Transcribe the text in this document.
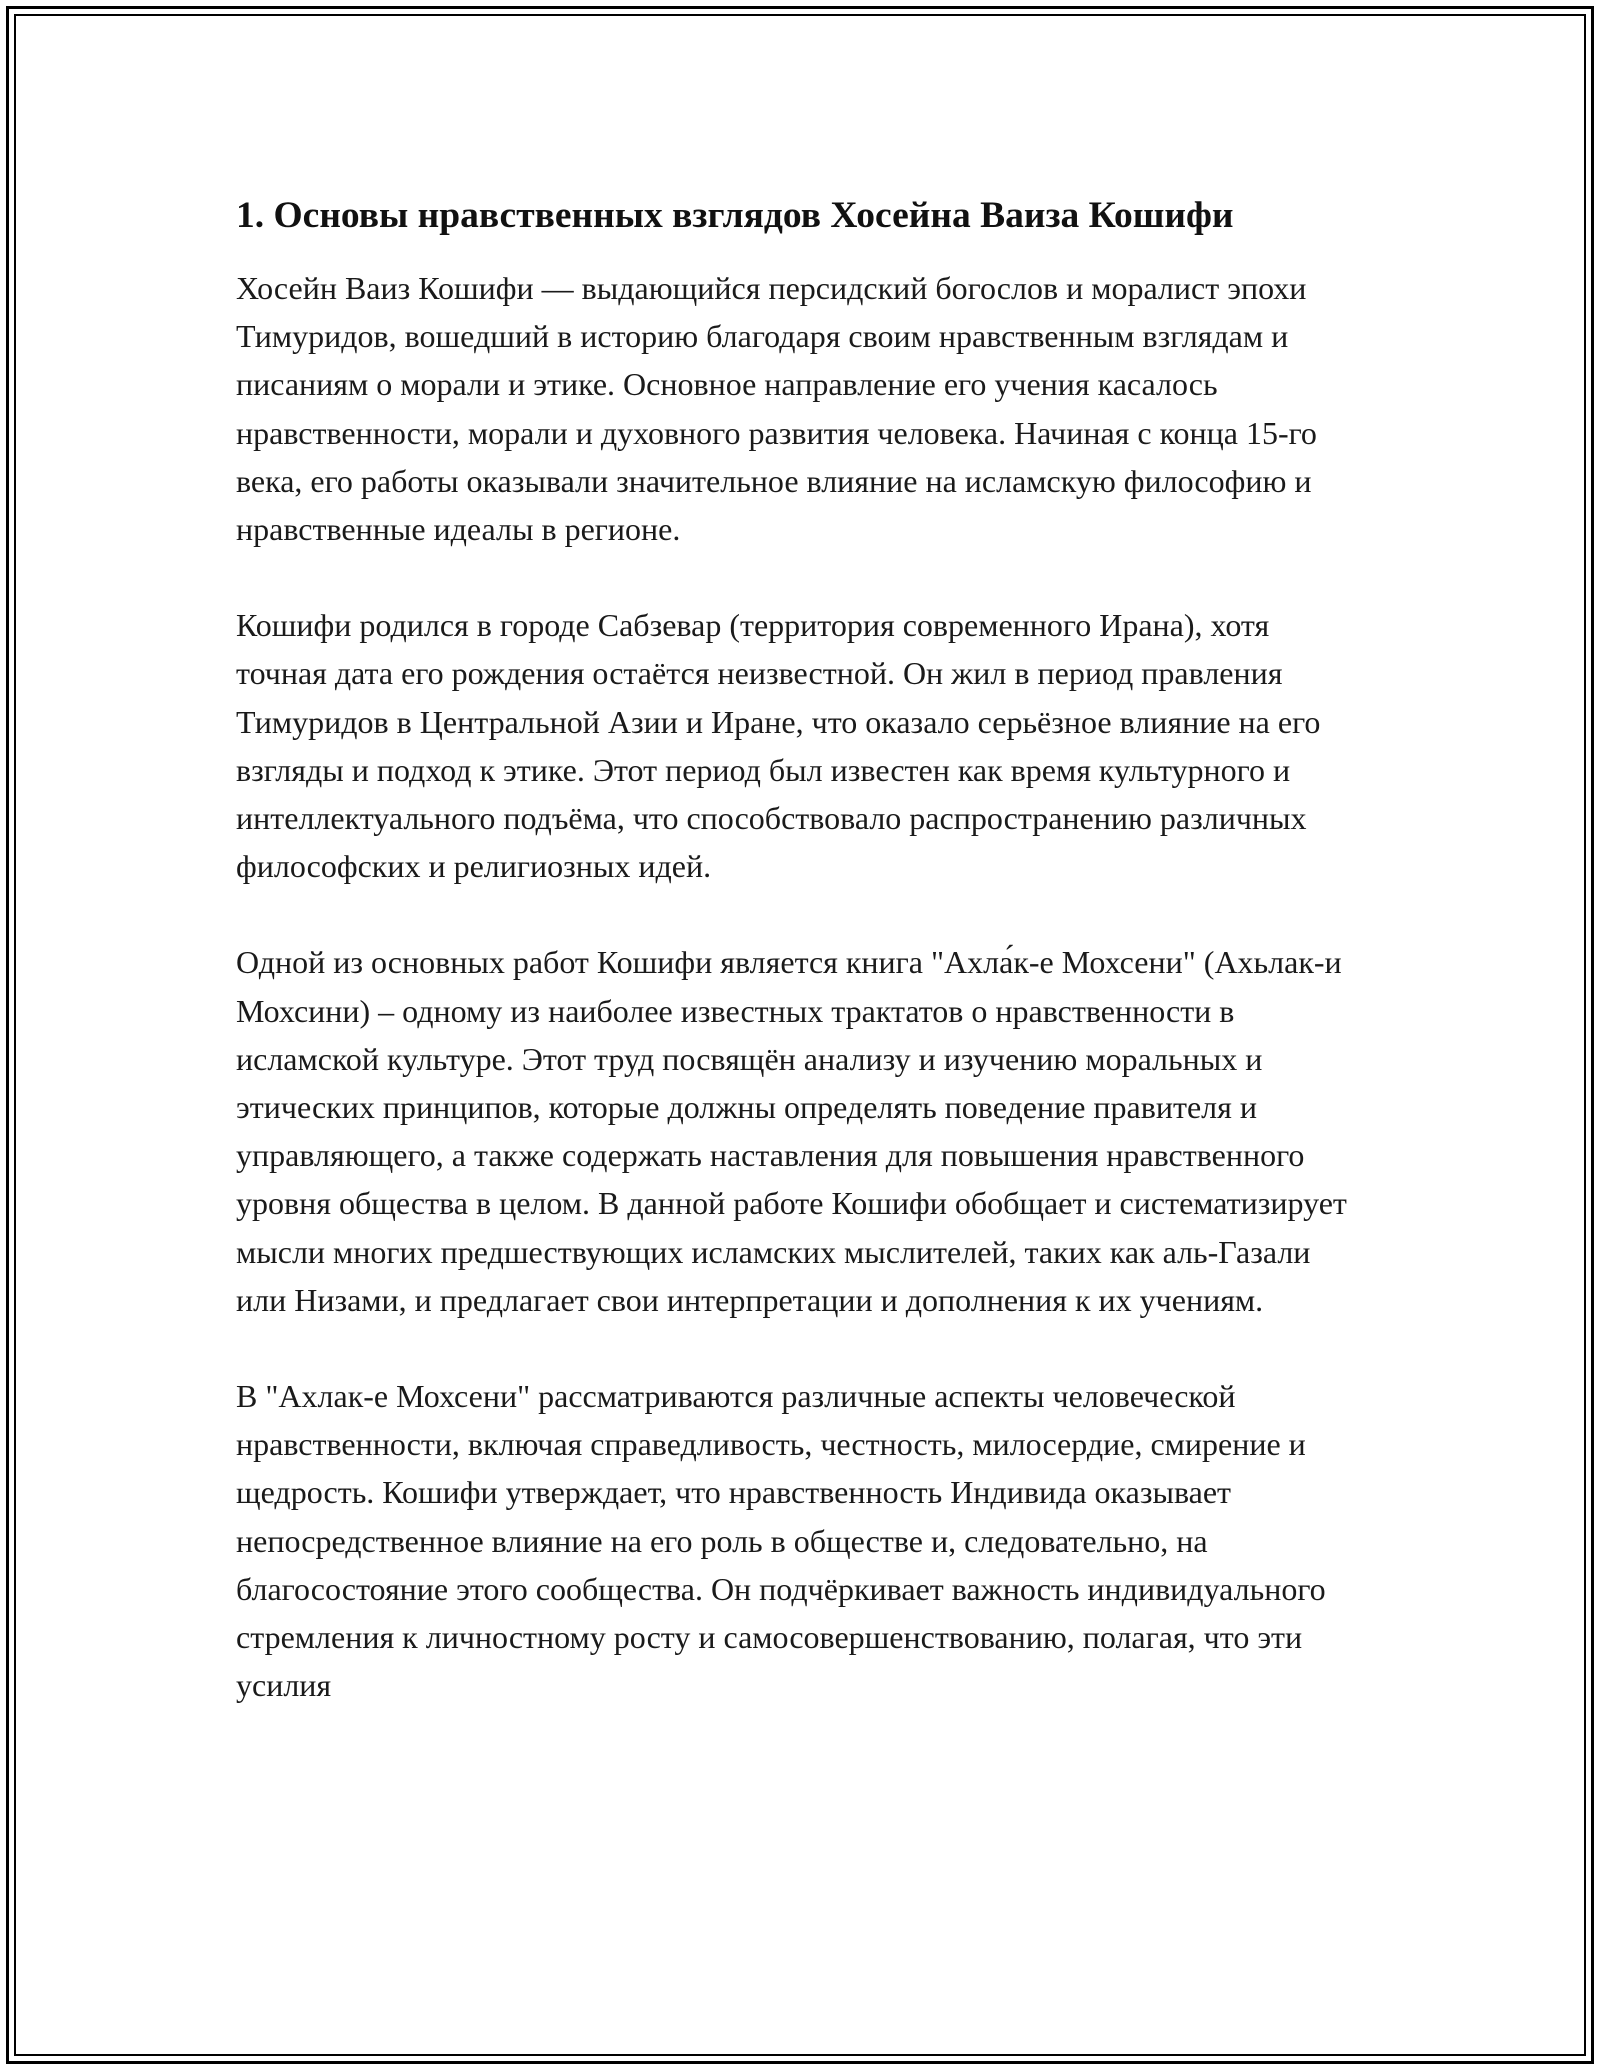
1. Основы нравственных взглядов Хосейна Ваиза Кошифи

Хосейн Ваиз Кошифи — выдающийся персидский богослов и моралист эпохи Тимуридов, вошедший в историю благодаря своим нравственным взглядам и писаниям о морали и этике. Основное направление его учения касалось нравственности, морали и духовного развития человека. Начиная с конца 15-го века, его работы оказывали значительное влияние на исламскую философию и нравственные идеалы в регионе.

Кошифи родился в городе Сабзевар (территория современного Ирана), хотя точная дата его рождения остаётся неизвестной. Он жил в период правления Тимуридов в Центральной Азии и Иране, что оказало серьёзное влияние на его взгляды и подход к этике. Этот период был известен как время культурного и интеллектуального подъёма, что способствовало распространению различных философских и религиозных идей.

Одной из основных работ Кошифи является книга "Ахла́к-е Мохсени" (Ахьлак-и Мохсини) – одному из наиболее известных трактатов о нравственности в исламской культуре. Этот труд посвящён анализу и изучению моральных и этических принципов, которые должны определять поведение правителя и управляющего, а также содержать наставления для повышения нравственного уровня общества в целом. В данной работе Кошифи обобщает и систематизирует мысли многих предшествующих исламских мыслителей, таких как аль-Газали или Низами, и предлагает свои интерпретации и дополнения к их учениям.

В "Ахлак-е Мохсени" рассматриваются различные аспекты человеческой нравственности, включая справедливость, честность, милосердие, смирение и щедрость. Кошифи утверждает, что нравственность Индивида оказывает непосредственное влияние на его роль в обществе и, следовательно, на благосостояние этого сообщества. Он подчёркивает важность индивидуального стремления к личностному росту и самосовершенствованию, полагая, что эти усилия
